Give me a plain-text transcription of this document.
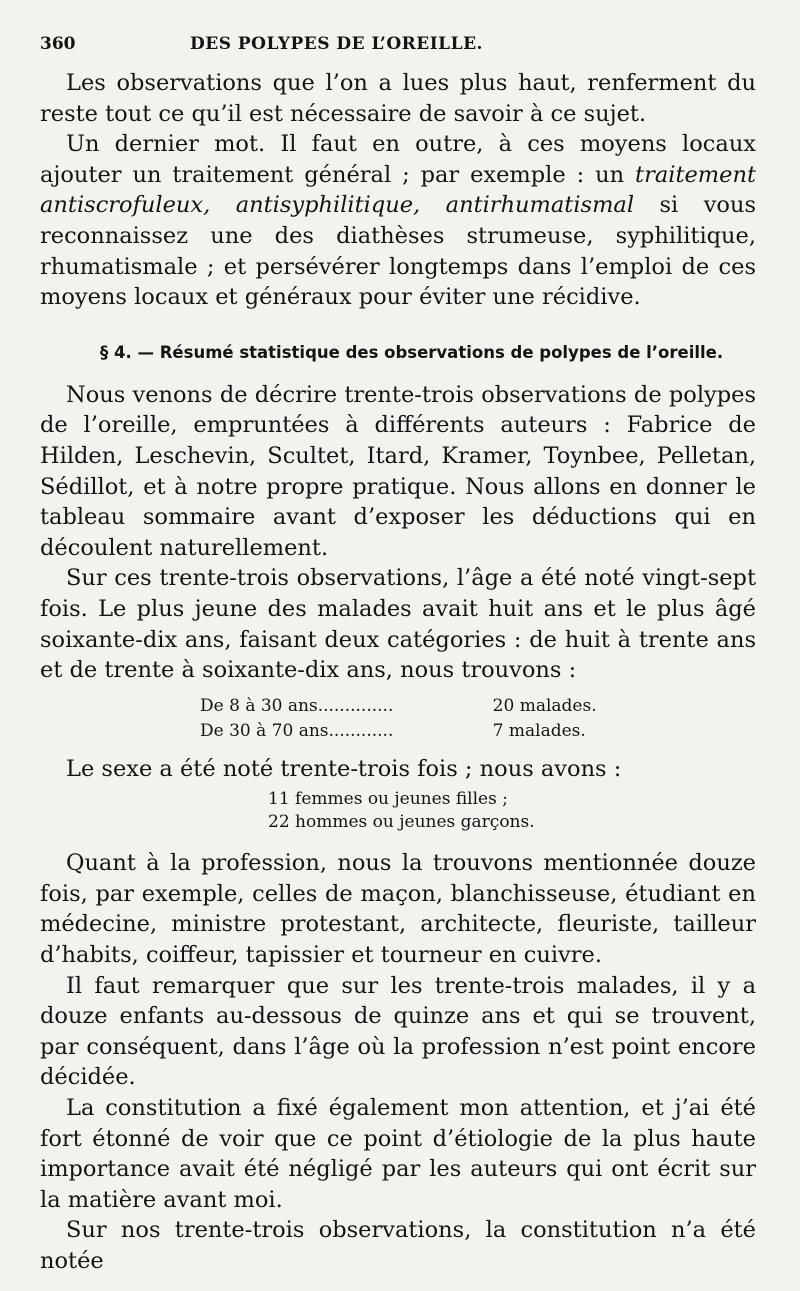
360	DES POLYPES DE L’OREILLE.

Les observations que l’on a lues plus haut, renferment du reste tout ce qu’il est nécessaire de savoir à ce sujet.

Un dernier mot. Il faut en outre, à ces moyens locaux ajouter un traitement général ; par exemple : un traitement antiscrofuleux, antisyphilitique, antirhumatismal si vous reconnaissez une des diathèses strumeuse, syphilitique, rhumatismale ; et persévérer longtemps dans l’emploi de ces moyens locaux et généraux pour éviter une récidive.

§ 4. — Résumé statistique des observations de polypes de l’oreille.

Nous venons de décrire trente-trois observations de polypes de l’oreille, empruntées à différents auteurs : Fabrice de Hilden, Leschevin, Scultet, Itard, Kramer, Toynbee, Pelletan, Sédillot, et à notre propre pratique. Nous allons en donner le tableau sommaire avant d’exposer les déductions qui en découlent naturellement.

Sur ces trente-trois observations, l’âge a été noté vingt-sept fois. Le plus jeune des malades avait huit ans et le plus âgé soixante-dix ans, faisant deux catégories : de huit à trente ans et de trente à soixante-dix ans, nous trouvons :

De 8 à 30 ans..............	20 malades.
De 30 à 70 ans............	7 malades.

Le sexe a été noté trente-trois fois ; nous avons :

11 femmes ou jeunes filles ;
22 hommes ou jeunes garçons.

Quant à la profession, nous la trouvons mentionnée douze fois, par exemple, celles de maçon, blanchisseuse, étudiant en médecine, ministre protestant, architecte, fleuriste, tailleur d’habits, coiffeur, tapissier et tourneur en cuivre.

Il faut remarquer que sur les trente-trois malades, il y a douze enfants au-dessous de quinze ans et qui se trouvent, par conséquent, dans l’âge où la profession n’est point encore décidée.

La constitution a fixé également mon attention, et j’ai été fort étonné de voir que ce point d’étiologie de la plus haute importance avait été négligé par les auteurs qui ont écrit sur la matière avant moi.

Sur nos trente-trois observations, la constitution n’a été notée
